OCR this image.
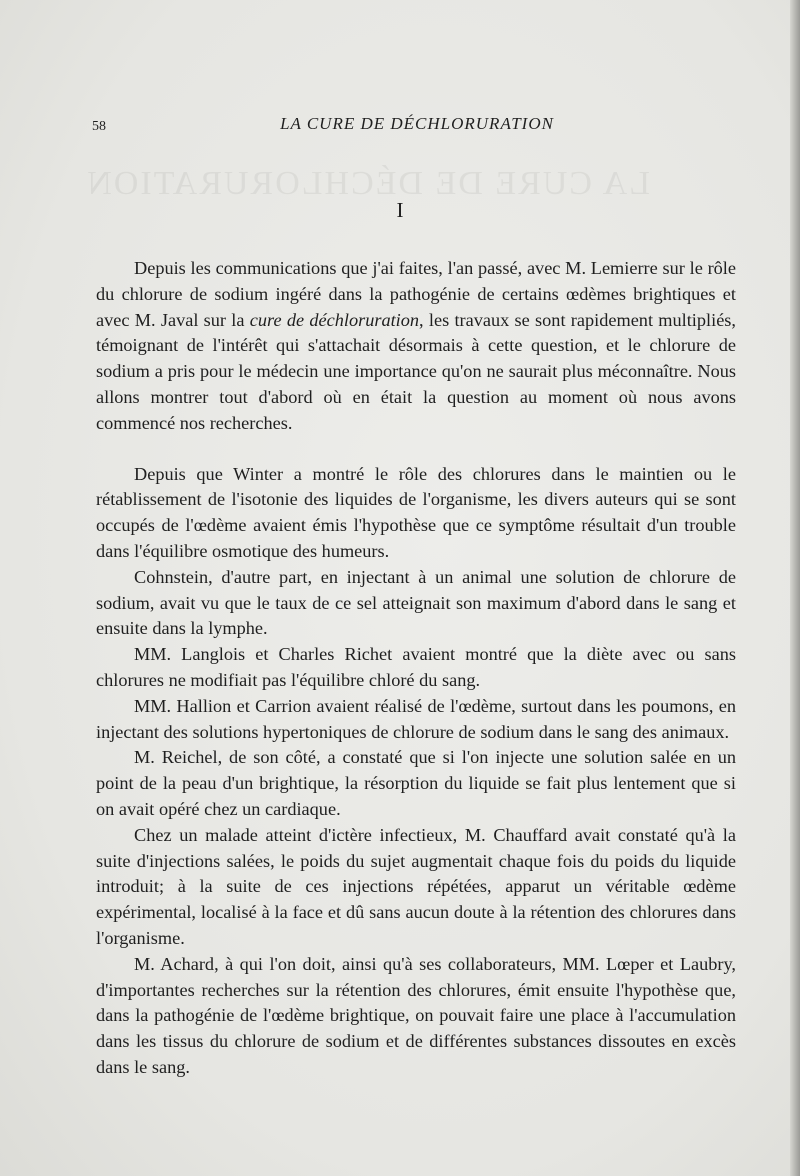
LA CURE DE DÉCHLORURATION
58	LA CURE DE DÉCHLORURATION
I

Depuis les communications que j'ai faites, l'an passé, avec M. Lemierre sur le rôle du chlorure de sodium ingéré dans la pathogénie de certains œdèmes brightiques et avec M. Javal sur la cure de déchloruration, les travaux se sont rapidement multipliés, témoignant de l'intérêt qui s'attachait désormais à cette question, et le chlorure de sodium a pris pour le médecin une importance qu'on ne saurait plus méconnaître. Nous allons montrer tout d'abord où en était la question au moment où nous avons commencé nos recherches.

Depuis que Winter a montré le rôle des chlorures dans le maintien ou le rétablissement de l'isotonie des liquides de l'organisme, les divers auteurs qui se sont occupés de l'œdème avaient émis l'hypothèse que ce symptôme résultait d'un trouble dans l'équilibre osmotique des humeurs.

Cohnstein, d'autre part, en injectant à un animal une solution de chlorure de sodium, avait vu que le taux de ce sel atteignait son maximum d'abord dans le sang et ensuite dans la lymphe.

MM. Langlois et Charles Richet avaient montré que la diète avec ou sans chlorures ne modifiait pas l'équilibre chloré du sang.

MM. Hallion et Carrion avaient réalisé de l'œdème, surtout dans les poumons, en injectant des solutions hypertoniques de chlorure de sodium dans le sang des animaux.

M. Reichel, de son côté, a constaté que si l'on injecte une solution salée en un point de la peau d'un brightique, la résorption du liquide se fait plus lentement que si on avait opéré chez un cardiaque.

Chez un malade atteint d'ictère infectieux, M. Chauffard avait constaté qu'à la suite d'injections salées, le poids du sujet augmentait chaque fois du poids du liquide introduit; à la suite de ces injections répétées, apparut un véritable œdème expérimental, localisé à la face et dû sans aucun doute à la rétention des chlorures dans l'organisme.

M. Achard, à qui l'on doit, ainsi qu'à ses collaborateurs, MM. Lœper et Laubry, d'importantes recherches sur la rétention des chlorures, émit ensuite l'hypothèse que, dans la pathogénie de l'œdème brightique, on pouvait faire une place à l'accumulation dans les tissus du chlorure de sodium et de différentes substances dissoutes en excès dans le sang.
